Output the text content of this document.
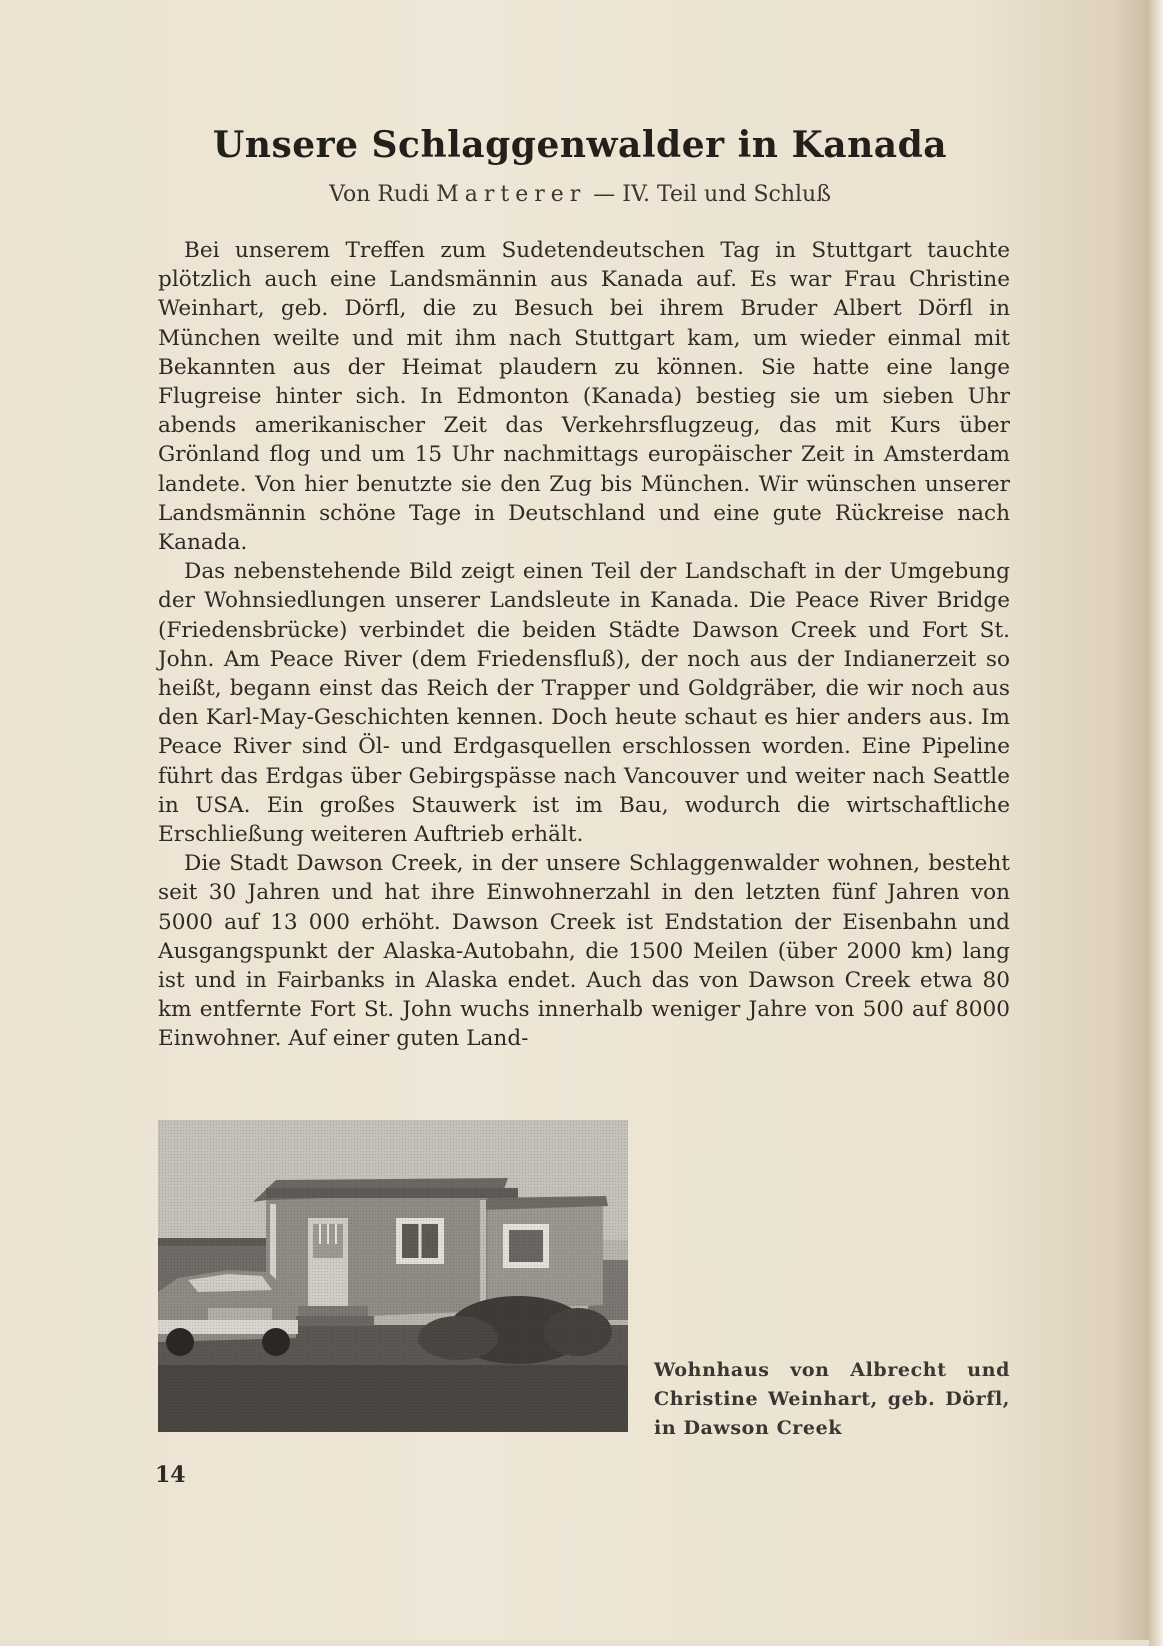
Unsere Schlaggenwalder in Kanada
Von Rudi Marterer — IV. Teil und Schluß

Bei unserem Treffen zum Sudetendeutschen Tag in Stuttgart tauchte plötzlich auch eine Landsmännin aus Kanada auf. Es war Frau Christine Weinhart, geb. Dörfl, die zu Besuch bei ihrem Bruder Albert Dörfl in München weilte und mit ihm nach Stuttgart kam, um wieder einmal mit Bekannten aus der Heimat plaudern zu können. Sie hatte eine lange Flugreise hinter sich. In Edmonton (Kanada) bestieg sie um sieben Uhr abends amerikanischer Zeit das Verkehrsflugzeug, das mit Kurs über Grönland flog und um 15 Uhr nachmittags europäischer Zeit in Amsterdam landete. Von hier benutzte sie den Zug bis München. Wir wünschen unserer Landsmännin schöne Tage in Deutschland und eine gute Rückreise nach Kanada.

Das nebenstehende Bild zeigt einen Teil der Landschaft in der Umgebung der Wohnsiedlungen unserer Landsleute in Kanada. Die Peace River Bridge (Friedensbrücke) verbindet die beiden Städte Dawson Creek und Fort St. John. Am Peace River (dem Friedensfluß), der noch aus der Indianerzeit so heißt, begann einst das Reich der Trapper und Goldgräber, die wir noch aus den Karl-May-Geschichten kennen. Doch heute schaut es hier anders aus. Im Peace River sind Öl- und Erdgasquellen erschlossen worden. Eine Pipeline führt das Erdgas über Gebirgspässe nach Vancouver und weiter nach Seattle in USA. Ein großes Stauwerk ist im Bau, wodurch die wirtschaftliche Erschließung weiteren Auftrieb erhält.

Die Stadt Dawson Creek, in der unsere Schlaggenwalder wohnen, besteht seit 30 Jahren und hat ihre Einwohnerzahl in den letzten fünf Jahren von 5000 auf 13 000 erhöht. Dawson Creek ist Endstation der Eisenbahn und Ausgangspunkt der Alaska-Autobahn, die 1500 Meilen (über 2000 km) lang ist und in Fairbanks in Alaska endet. Auch das von Dawson Creek etwa 80 km entfernte Fort St. John wuchs innerhalb weniger Jahre von 500 auf 8000 Einwohner. Auf einer guten Land-

Wohnhaus von Albrecht und Christine Weinhart, geb. Dörfl, in Dawson Creek
14
